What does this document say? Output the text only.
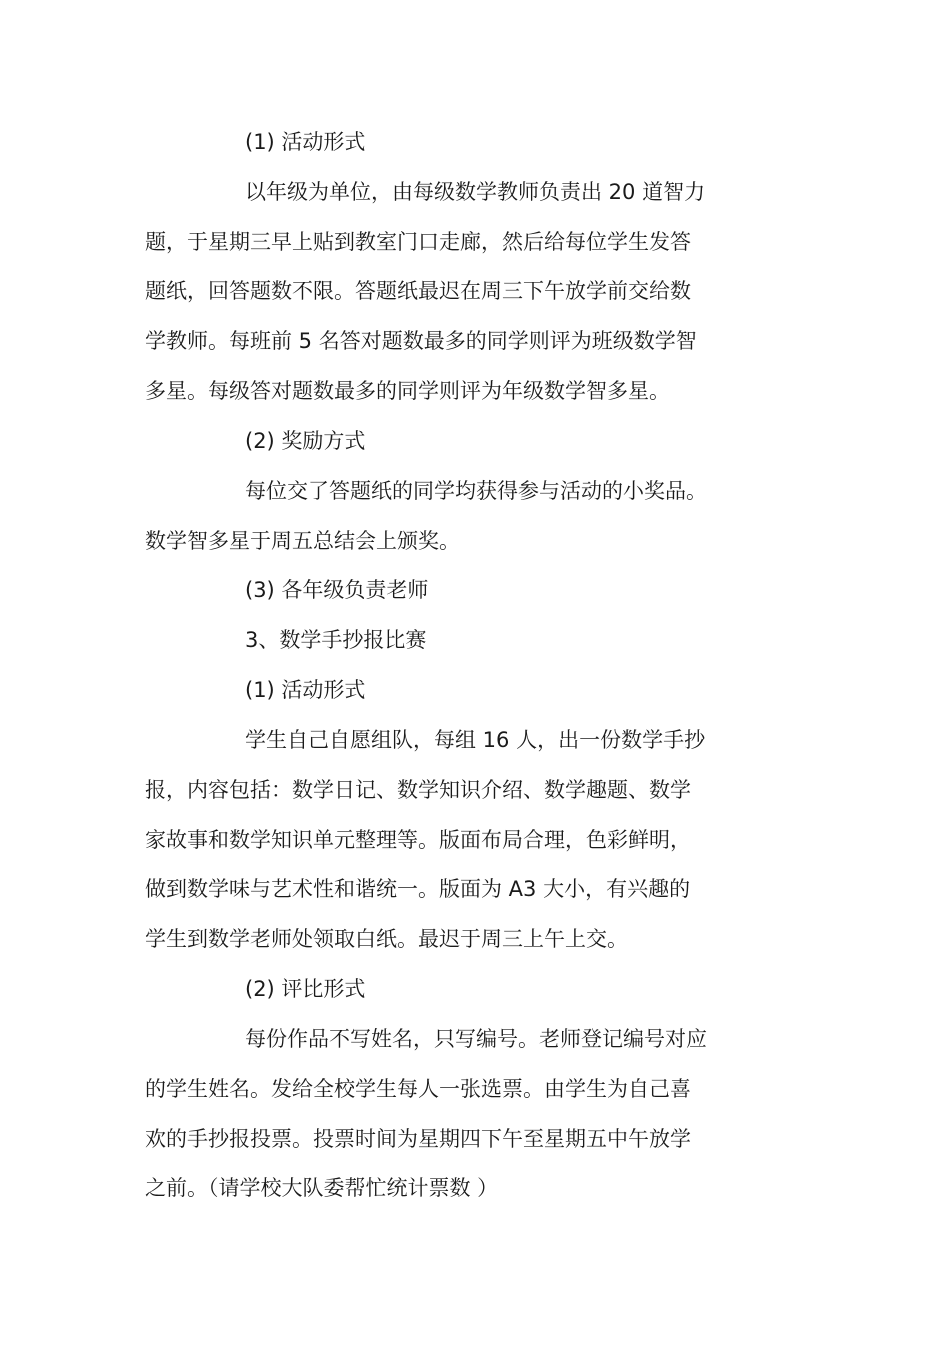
(1) 活动形式

以年级为单位，由每级数学教师负责出 20 道智力

题，于星期三早上贴到教室门口走廊，然后给每位学生发答

题纸，回答题数不限。答题纸最迟在周三下午放学前交给数

学教师。每班前 5 名答对题数最多的同学则评为班级数学智

多星。每级答对题数最多的同学则评为年级数学智多星。

(2) 奖励方式

每位交了答题纸的同学均获得参与活动的小奖品。

数学智多星于周五总结会上颁奖。

(3) 各年级负责老师

3、数学手抄报比赛

(1) 活动形式

学生自己自愿组队，每组 16 人，出一份数学手抄

报，内容包括：数学日记、数学知识介绍、数学趣题、数学

家故事和数学知识单元整理等。版面布局合理，色彩鲜明，

做到数学味与艺术性和谐统一。版面为 A3 大小，有兴趣的

学生到数学老师处领取白纸。最迟于周三上午上交。

(2) 评比形式

每份作品不写姓名，只写编号。老师登记编号对应

的学生姓名。发给全校学生每人一张选票。由学生为自己喜

欢的手抄报投票。投票时间为星期四下午至星期五中午放学

之前。（请学校大队委帮忙统计票数 ）
